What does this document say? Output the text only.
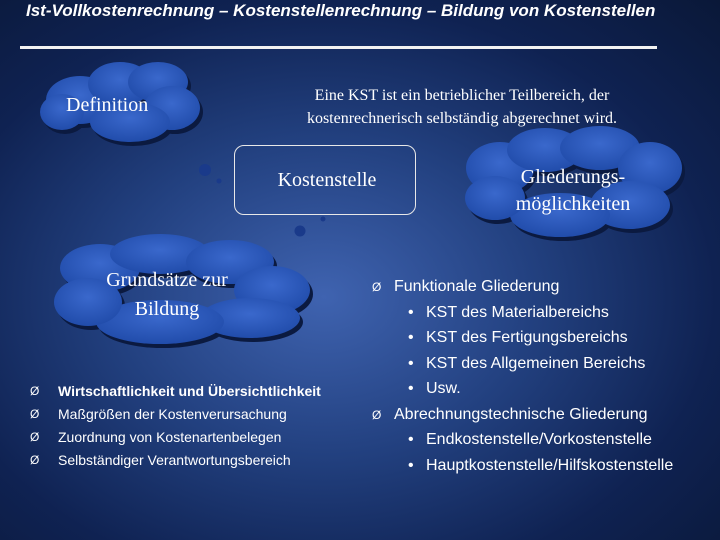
Ist-Vollkostenrechnung – Kostenstellenrechnung – Bildung von Kostenstellen
Definition	Eine KST ist ein betrieblicher Teilbereich, der kostenrechnerisch selbständig abgerechnet wird.
Kostenstelle	Gliederungs-
möglichkeiten
Grundsätze zur
Bildung
Ø Wirtschaftlichkeit und Übersichtlichkeit
Ø Maßgrößen der Kostenverursachung
Ø Zuordnung von Kostenartenbelegen
Ø Selbständiger Verantwortungsbereich
Ø Funktionale Gliederung
• KST des Materialbereichs
• KST des Fertigungsbereichs
• KST des Allgemeinen Bereichs
• Usw.
Ø Abrechnungstechnische Gliederung
• Endkostenstelle/Vorkostenstelle
• Hauptkostenstelle/Hilfskostenstelle
